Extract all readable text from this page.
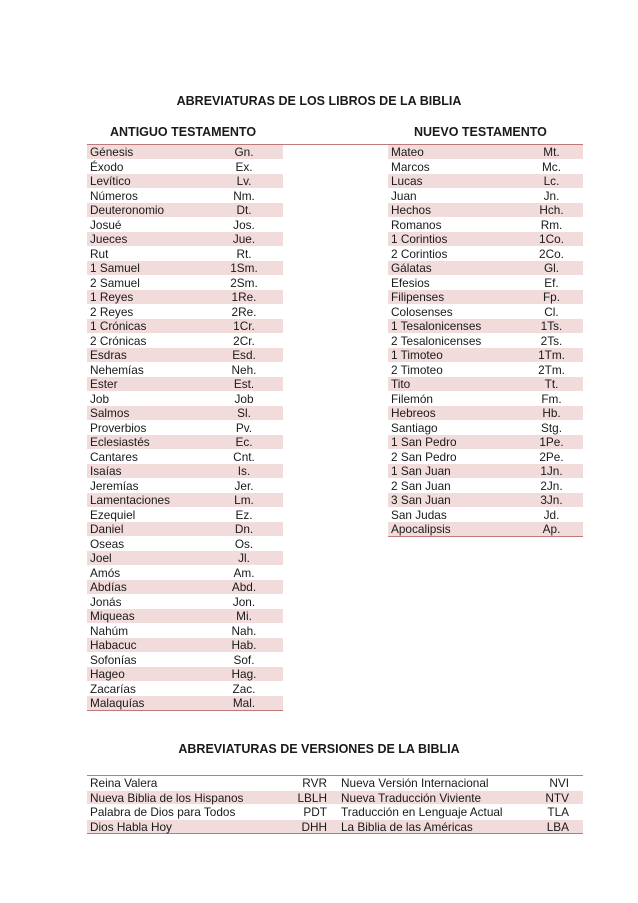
ABREVIATURAS DE LOS LIBROS DE LA BIBLIA
ANTIGUO TESTAMENTO	NUEVO TESTAMENTO
Génesis	Gn.
Éxodo	Ex.
Levítico	Lv.
Números	Nm.
Deuteronomio	Dt.
Josué	Jos.
Jueces	Jue.
Rut	Rt.
1 Samuel	1Sm.
2 Samuel	2Sm.
1 Reyes	1Re.
2 Reyes	2Re.
1 Crónicas	1Cr.
2 Crónicas	2Cr.
Esdras	Esd.
Nehemías	Neh.
Ester	Est.
Job	Job
Salmos	Sl.
Proverbios	Pv.
Eclesiastés	Ec.
Cantares	Cnt.
Isaías	Is.
Jeremías	Jer.
Lamentaciones	Lm.
Ezequiel	Ez.
Daniel	Dn.
Oseas	Os.
Joel	Jl.
Amós	Am.
Abdías	Abd.
Jonás	Jon.
Miqueas	Mi.
Nahúm	Nah.
Habacuc	Hab.
Sofonías	Sof.
Hageo	Hag.
Zacarías	Zac.
Malaquías	Mal.
Mateo	Mt.
Marcos	Mc.
Lucas	Lc.
Juan	Jn.
Hechos	Hch.
Romanos	Rm.
1 Corintios	1Co.
2 Corintios	2Co.
Gálatas	Gl.
Efesios	Ef.
Filipenses	Fp.
Colosenses	Cl.
1 Tesalonicenses	1Ts.
2 Tesalonicenses	2Ts.
1 Timoteo	1Tm.
2 Timoteo	2Tm.
Tito	Tt.
Filemón	Fm.
Hebreos	Hb.
Santiago	Stg.
1 San Pedro	1Pe.
2 San Pedro	2Pe.
1 San Juan	1Jn.
2 San Juan	2Jn.
3 San Juan	3Jn.
San Judas	Jd.
Apocalipsis	Ap.
ABREVIATURAS DE VERSIONES DE LA BIBLIA
Reina Valera	RVR Nueva Versión Internacional	NVI
Nueva Biblia de los Hispanos	LBLH Nueva Traducción Viviente	NTV
Palabra de Dios para Todos	PDT Traducción en Lenguaje Actual	TLA
Dios Habla Hoy	DHH La Biblia de las Américas	LBA
